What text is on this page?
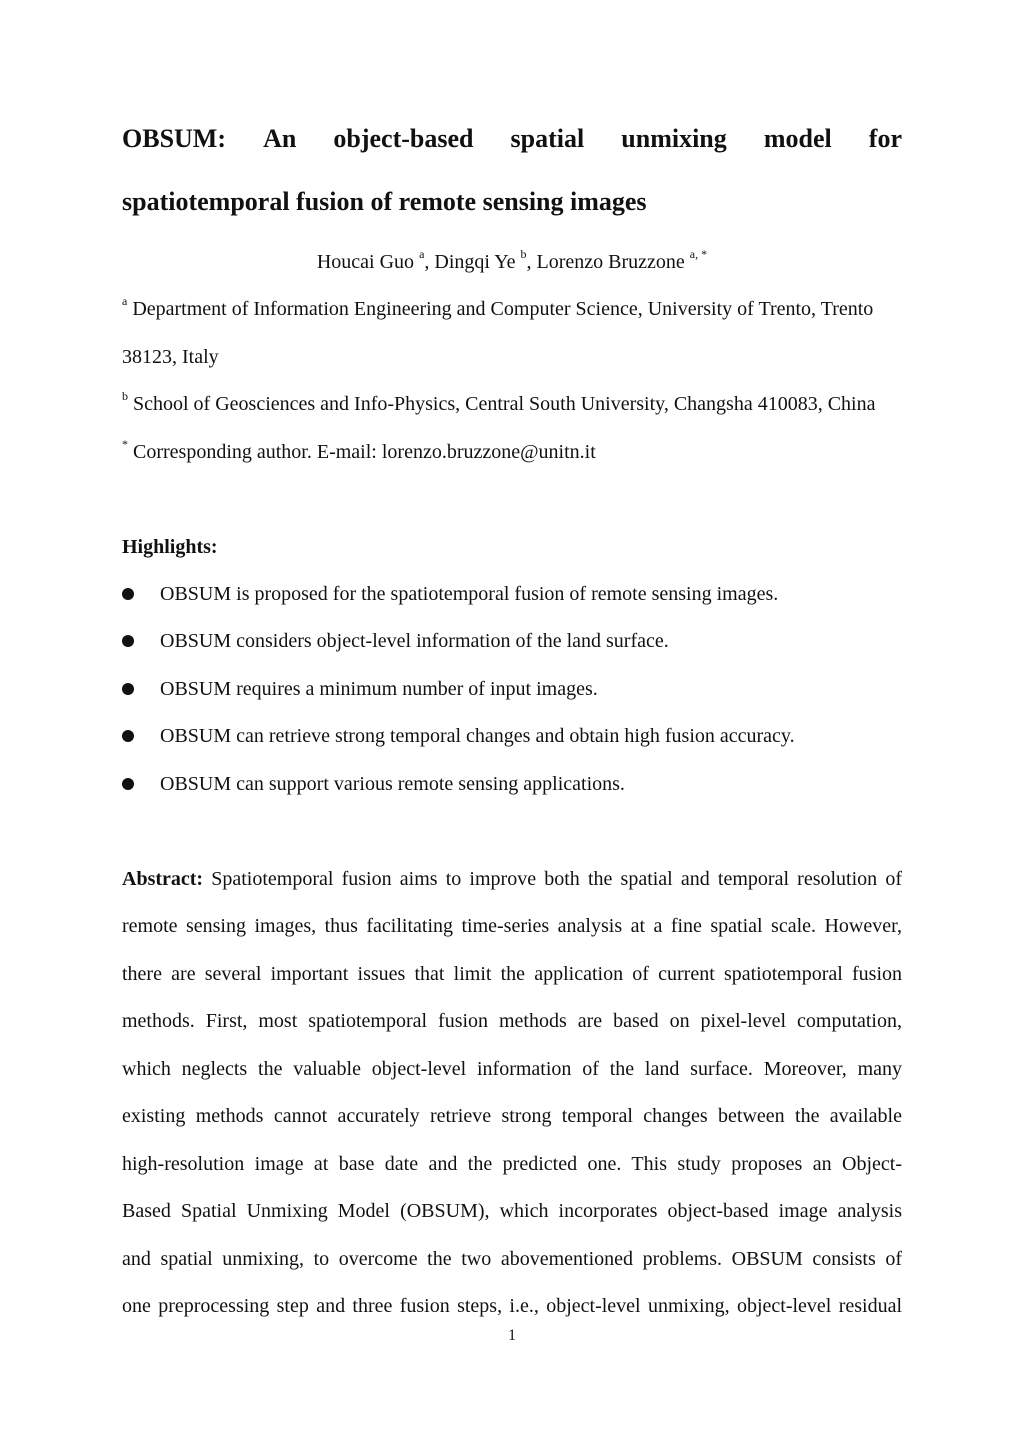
OBSUM: An object-based spatial unmixing model for
spatiotemporal fusion of remote sensing images
Houcai Guo $^a$, Dingqi Ye $^b$, Lorenzo Bruzzone $^{a, *}$
$^a$ Department of Information Engineering and Computer Science, University of Trento, Trento
38123, Italy
$^b$ School of Geosciences and Info-Physics, Central South University, Changsha 410083, China
* Corresponding author. E-mail: lorenzo.bruzzone@unitn.it
Highlights:
OBSUM is proposed for the spatiotemporal fusion of remote sensing images.
OBSUM considers object-level information of the land surface.
OBSUM requires a minimum number of input images.
OBSUM can retrieve strong temporal changes and obtain high fusion accuracy.
OBSUM can support various remote sensing applications.
Abstract: Spatiotemporal fusion aims to improve both the spatial and temporal resolution of
remote sensing images, thus facilitating time-series analysis at a fine spatial scale. However,
there are several important issues that limit the application of current spatiotemporal fusion
methods. First, most spatiotemporal fusion methods are based on pixel-level computation,
which neglects the valuable object-level information of the land surface. Moreover, many
existing methods cannot accurately retrieve strong temporal changes between the available
high-resolution image at base date and the predicted one. This study proposes an Object-
Based Spatial Unmixing Model (OBSUM), which incorporates object-based image analysis
and spatial unmixing, to overcome the two abovementioned problems. OBSUM consists of
one preprocessing step and three fusion steps, i.e., object-level unmixing, object-level residual
1
